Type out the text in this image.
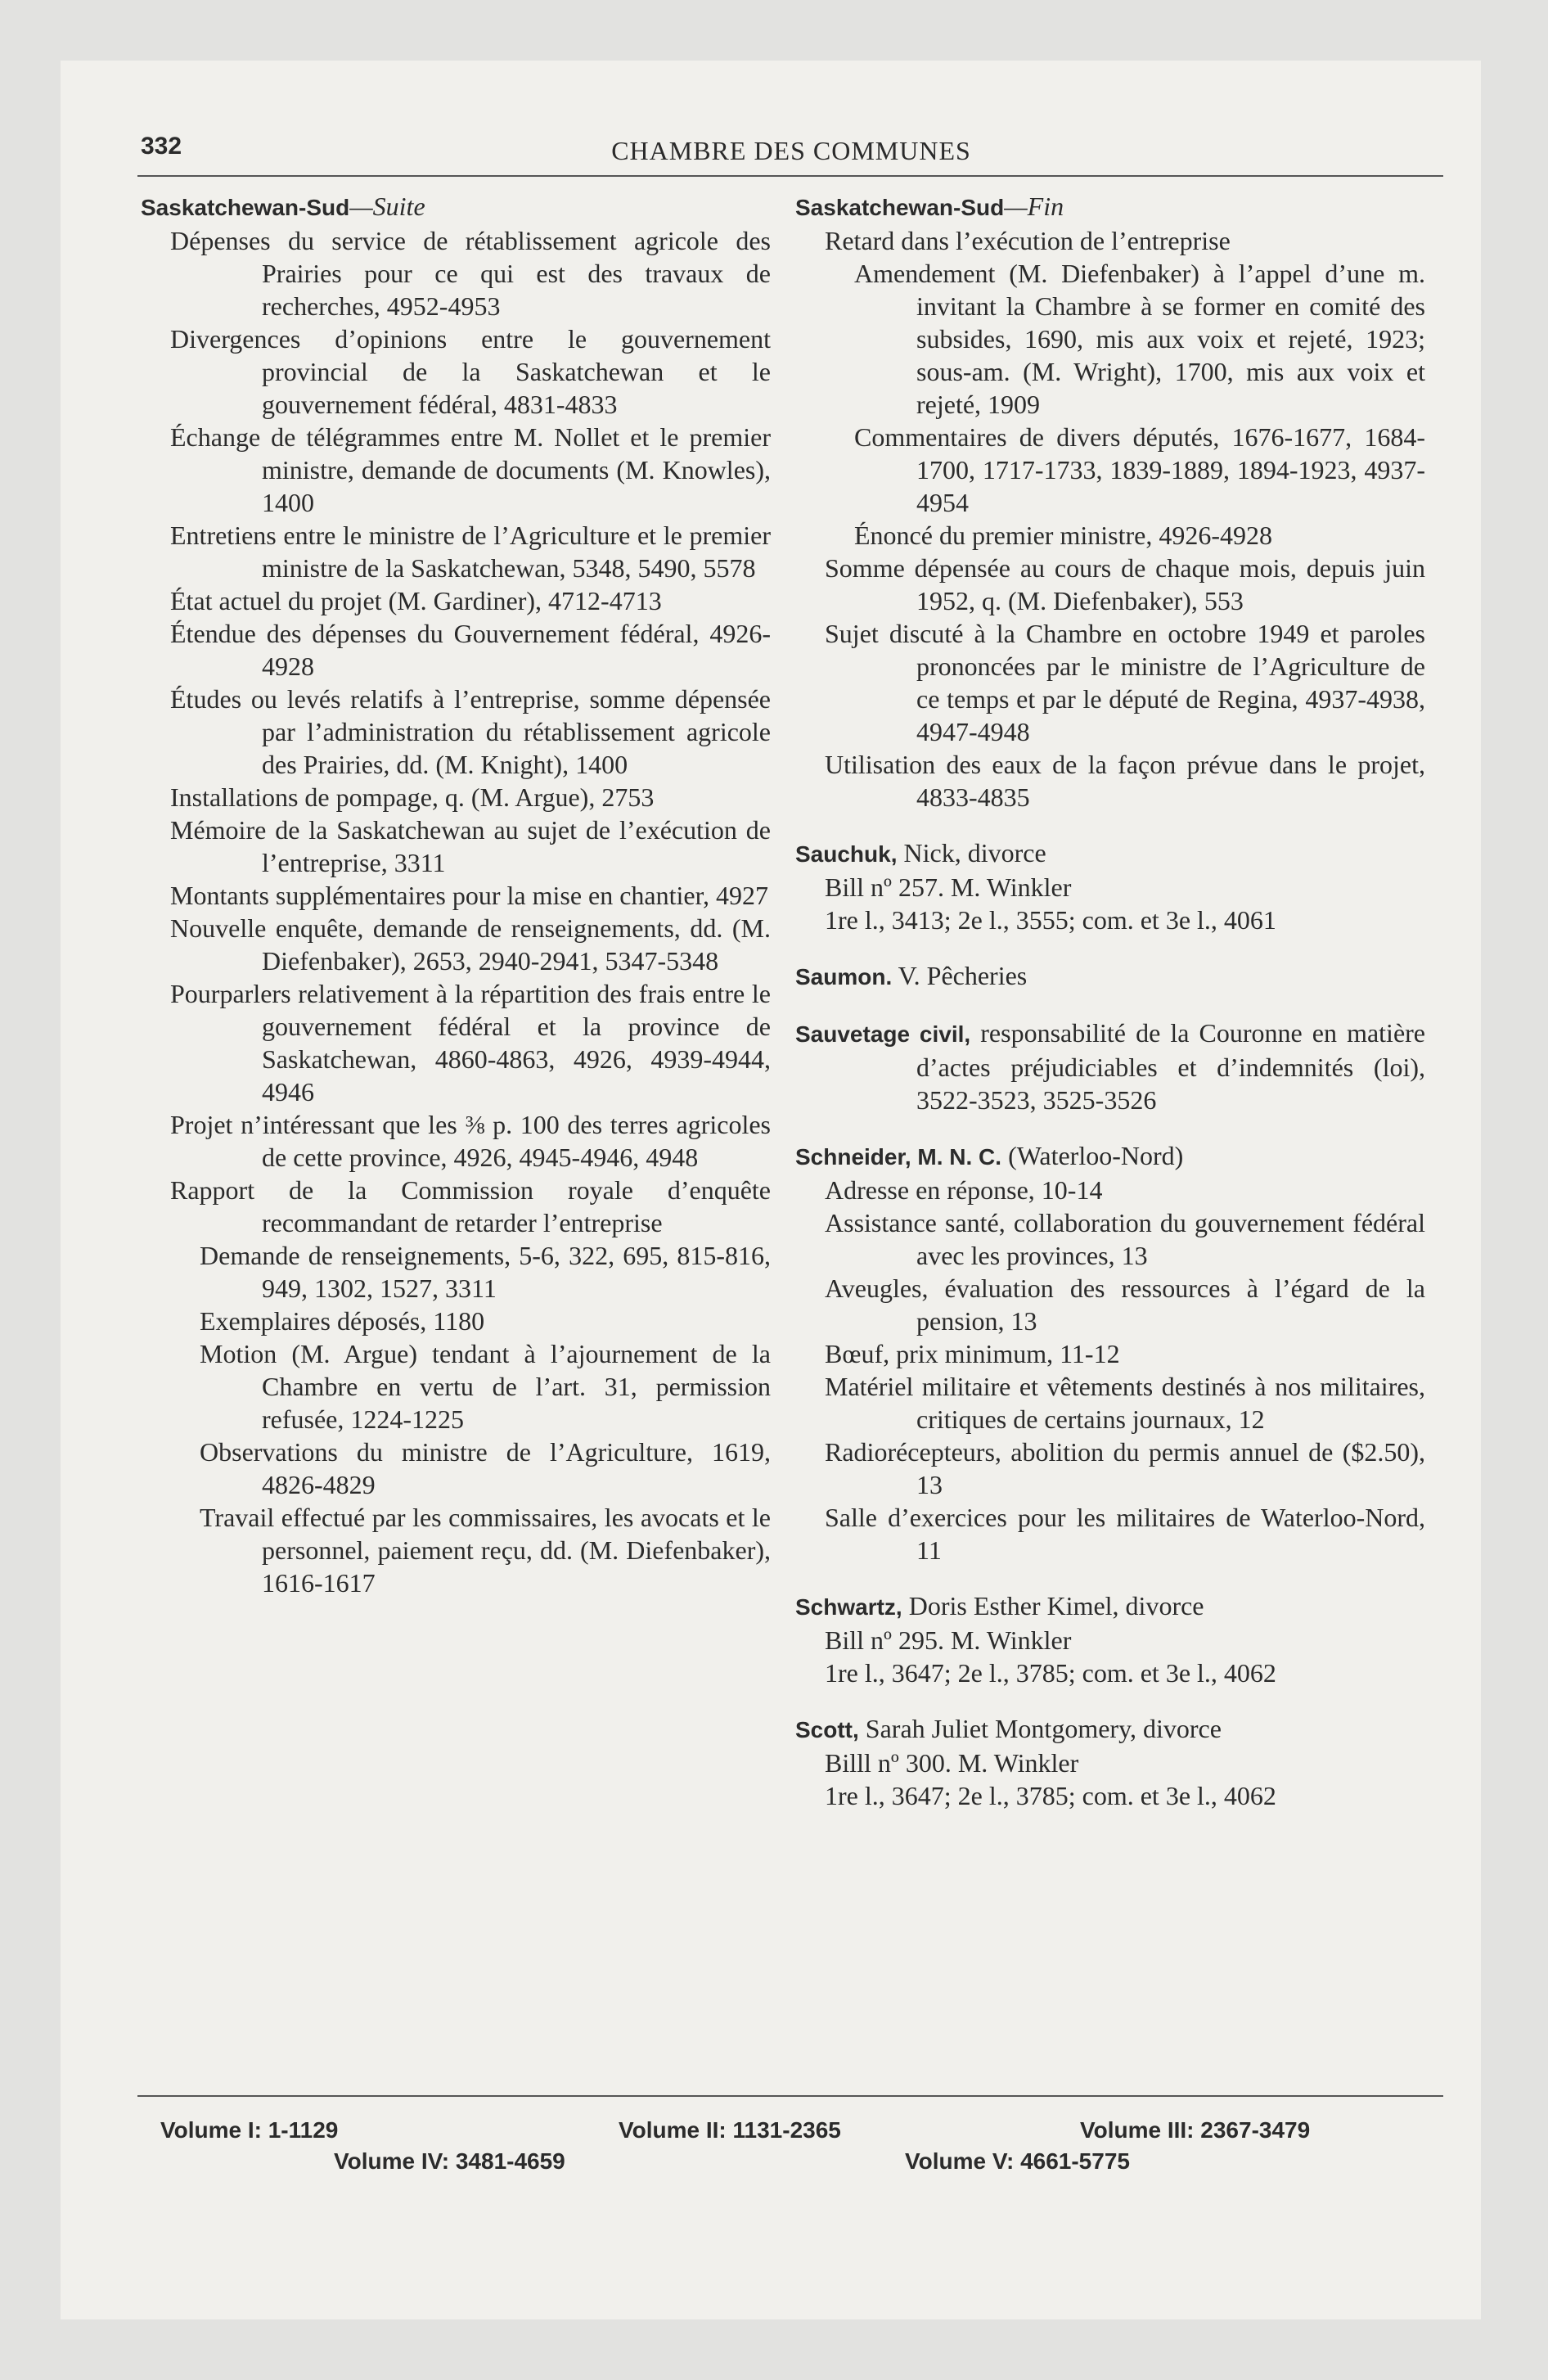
332	CHAMBRE DES COMMUNES
Saskatchewan-Sud—Suite
Dépenses du service de rétablissement agricole des Prairies pour ce qui est des travaux de recherches, 4952-4953
Divergences d’opinions entre le gouvernement provincial de la Saskatchewan et le gouvernement fédéral, 4831-4833
Échange de télégrammes entre M. Nollet et le premier ministre, demande de documents (M. Knowles), 1400
Entretiens entre le ministre de l’Agriculture et le premier ministre de la Saskatchewan, 5348, 5490, 5578
État actuel du projet (M. Gardiner), 4712-4713
Étendue des dépenses du Gouvernement fédéral, 4926-4928
Études ou levés relatifs à l’entreprise, somme dépensée par l’administration du rétablissement agricole des Prairies, dd. (M. Knight), 1400
Installations de pompage, q. (M. Argue), 2753
Mémoire de la Saskatchewan au sujet de l’exécution de l’entreprise, 3311
Montants supplémentaires pour la mise en chantier, 4927
Nouvelle enquête, demande de renseignements, dd. (M. Diefenbaker), 2653, 2940-2941, 5347-5348
Pourparlers relativement à la répartition des frais entre le gouvernement fédéral et la province de Saskatchewan, 4860-4863, 4926, 4939-4944, 4946
Projet n’intéressant que les ⅜ p. 100 des terres agricoles de cette province, 4926, 4945-4946, 4948
Rapport de la Commission royale d’enquête recommandant de retarder l’entreprise
Demande de renseignements, 5-6, 322, 695, 815-816, 949, 1302, 1527, 3311
Exemplaires déposés, 1180
Motion (M. Argue) tendant à l’ajournement de la Chambre en vertu de l’art. 31, permission refusée, 1224-1225
Observations du ministre de l’Agriculture, 1619, 4826-4829
Travail effectué par les commissaires, les avocats et le personnel, paiement reçu, dd. (M. Diefenbaker), 1616-1617
Saskatchewan-Sud—Fin
Retard dans l’exécution de l’entreprise
Amendement (M. Diefenbaker) à l’appel d’une m. invitant la Chambre à se former en comité des subsides, 1690, mis aux voix et rejeté, 1923; sous-am. (M. Wright), 1700, mis aux voix et rejeté, 1909
Commentaires de divers députés, 1676-1677, 1684-1700, 1717-1733, 1839-1889, 1894-1923, 4937-4954
Énoncé du premier ministre, 4926-4928
Somme dépensée au cours de chaque mois, depuis juin 1952, q. (M. Diefenbaker), 553
Sujet discuté à la Chambre en octobre 1949 et paroles prononcées par le ministre de l’Agriculture de ce temps et par le député de Regina, 4937-4938, 4947-4948
Utilisation des eaux de la façon prévue dans le projet, 4833-4835
Sauchuk, Nick, divorce
Bill nº 257. M. Winkler
1re l., 3413; 2e l., 3555; com. et 3e l., 4061
Saumon. V. Pêcheries
Sauvetage civil, responsabilité de la Couronne en matière d’actes préjudiciables et d’indemnités (loi), 3522-3523, 3525-3526
Schneider, M. N. C. (Waterloo-Nord)
Adresse en réponse, 10-14
Assistance santé, collaboration du gouvernement fédéral avec les provinces, 13
Aveugles, évaluation des ressources à l’égard de la pension, 13
Bœuf, prix minimum, 11-12
Matériel militaire et vêtements destinés à nos militaires, critiques de certains journaux, 12
Radiorécepteurs, abolition du permis annuel de ($2.50), 13
Salle d’exercices pour les militaires de Waterloo-Nord, 11
Schwartz, Doris Esther Kimel, divorce
Bill nº 295. M. Winkler
1re l., 3647; 2e l., 3785; com. et 3e l., 4062
Scott, Sarah Juliet Montgomery, divorce
Billl nº 300. M. Winkler
1re l., 3647; 2e l., 3785; com. et 3e l., 4062
Volume I: 1-1129	Volume II: 1131-2365	Volume III: 2367-3479
Volume IV: 3481-4659	Volume V: 4661-5775
